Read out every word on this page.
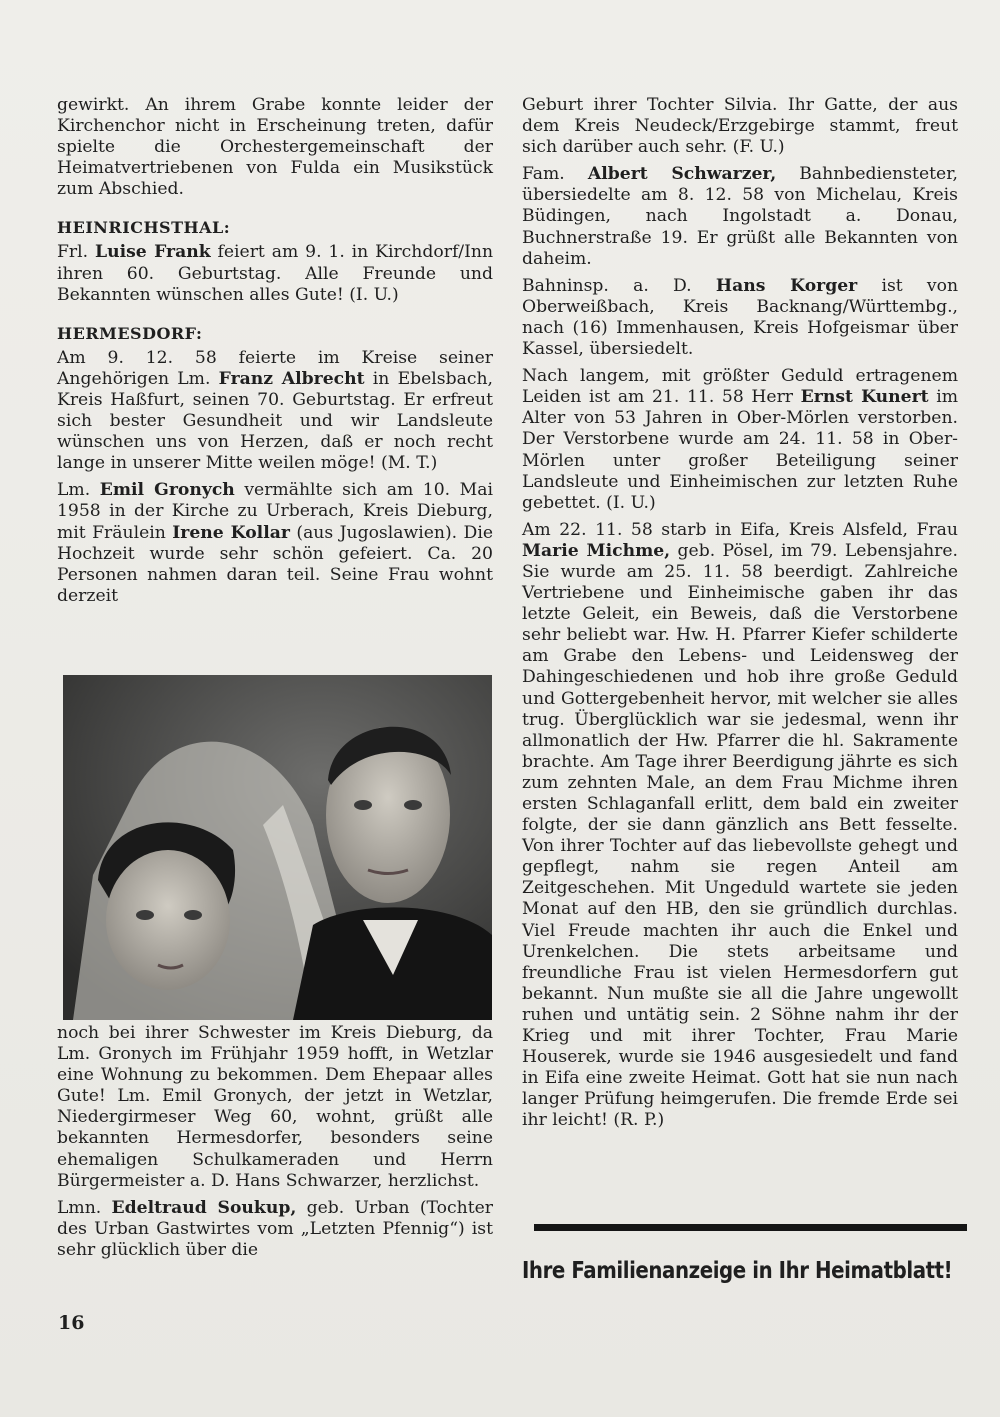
gewirkt. An ihrem Grabe konnte leider der Kirchenchor nicht in Erscheinung treten, dafür spielte die Orchestergemeinschaft der Heimatvertriebenen von Fulda ein Musikstück zum Abschied.

HEINRICHSTHAL:

Frl. Luise Frank feiert am 9. 1. in Kirchdorf/Inn ihren 60. Geburtstag. Alle Freunde und Bekannten wünschen alles Gute! (I. U.)

HERMESDORF:

Am 9. 12. 58 feierte im Kreise seiner Angehörigen Lm. Franz Albrecht in Ebelsbach, Kreis Haßfurt, seinen 70. Geburtstag. Er erfreut sich bester Gesundheit und wir Landsleute wünschen uns von Herzen, daß er noch recht lange in unserer Mitte weilen möge! (M. T.)

Lm. Emil Gronych vermählte sich am 10. Mai 1958 in der Kirche zu Urberach, Kreis Dieburg, mit Fräulein Irene Kollar (aus Jugoslawien). Die Hochzeit wurde sehr schön gefeiert. Ca. 20 Personen nahmen daran teil. Seine Frau wohnt derzeit

noch bei ihrer Schwester im Kreis Dieburg, da Lm. Gronych im Frühjahr 1959 hofft, in Wetzlar eine Wohnung zu bekommen. Dem Ehepaar alles Gute! Lm. Emil Gronych, der jetzt in Wetzlar, Niedergirmeser Weg 60, wohnt, grüßt alle bekannten Hermesdorfer, besonders seine ehemaligen Schulkameraden und Herrn Bürgermeister a. D. Hans Schwarzer, herzlichst.

Lmn. Edeltraud Soukup, geb. Urban (Tochter des Urban Gastwirtes vom „Letzten Pfennig“) ist sehr glücklich über die

Geburt ihrer Tochter Silvia. Ihr Gatte, der aus dem Kreis Neudeck/Erzgebirge stammt, freut sich darüber auch sehr. (F. U.)

Fam. Albert Schwarzer, Bahnbediensteter, übersiedelte am 8. 12. 58 von Michelau, Kreis Büdingen, nach Ingolstadt a. Donau, Buchnerstraße 19. Er grüßt alle Bekannten von daheim.

Bahninsp. a. D. Hans Korger ist von Oberweißbach, Kreis Backnang/Württembg., nach (16) Immenhausen, Kreis Hofgeismar über Kassel, übersiedelt.

Nach langem, mit größter Geduld ertragenem Leiden ist am 21. 11. 58 Herr Ernst Kunert im Alter von 53 Jahren in Ober-Mörlen verstorben. Der Verstorbene wurde am 24. 11. 58 in Ober-Mörlen unter großer Beteiligung seiner Landsleute und Einheimischen zur letzten Ruhe gebettet. (I. U.)

Am 22. 11. 58 starb in Eifa, Kreis Alsfeld, Frau Marie Michme, geb. Pösel, im 79. Lebensjahre. Sie wurde am 25. 11. 58 beerdigt. Zahlreiche Vertriebene und Einheimische gaben ihr das letzte Geleit, ein Beweis, daß die Verstorbene sehr beliebt war. Hw. H. Pfarrer Kiefer schilderte am Grabe den Lebens- und Leidensweg der Dahingeschiedenen und hob ihre große Geduld und Gottergebenheit hervor, mit welcher sie alles trug. Überglücklich war sie jedesmal, wenn ihr allmonatlich der Hw. Pfarrer die hl. Sakramente brachte. Am Tage ihrer Beerdigung jährte es sich zum zehnten Male, an dem Frau Michme ihren ersten Schlaganfall erlitt, dem bald ein zweiter folgte, der sie dann gänzlich ans Bett fesselte. Von ihrer Tochter auf das liebevollste gehegt und gepflegt, nahm sie regen Anteil am Zeitgeschehen. Mit Ungeduld wartete sie jeden Monat auf den HB, den sie gründlich durchlas. Viel Freude machten ihr auch die Enkel und Urenkelchen. Die stets arbeitsame und freundliche Frau ist vielen Hermesdorfern gut bekannt. Nun mußte sie all die Jahre ungewollt ruhen und untätig sein. 2 Söhne nahm ihr der Krieg und mit ihrer Tochter, Frau Marie Houserek, wurde sie 1946 ausgesiedelt und fand in Eifa eine zweite Heimat. Gott hat sie nun nach langer Prüfung heimgerufen. Die fremde Erde sei ihr leicht! (R. P.)

Ihre Familienanzeige in Ihr Heimatblatt!
16
